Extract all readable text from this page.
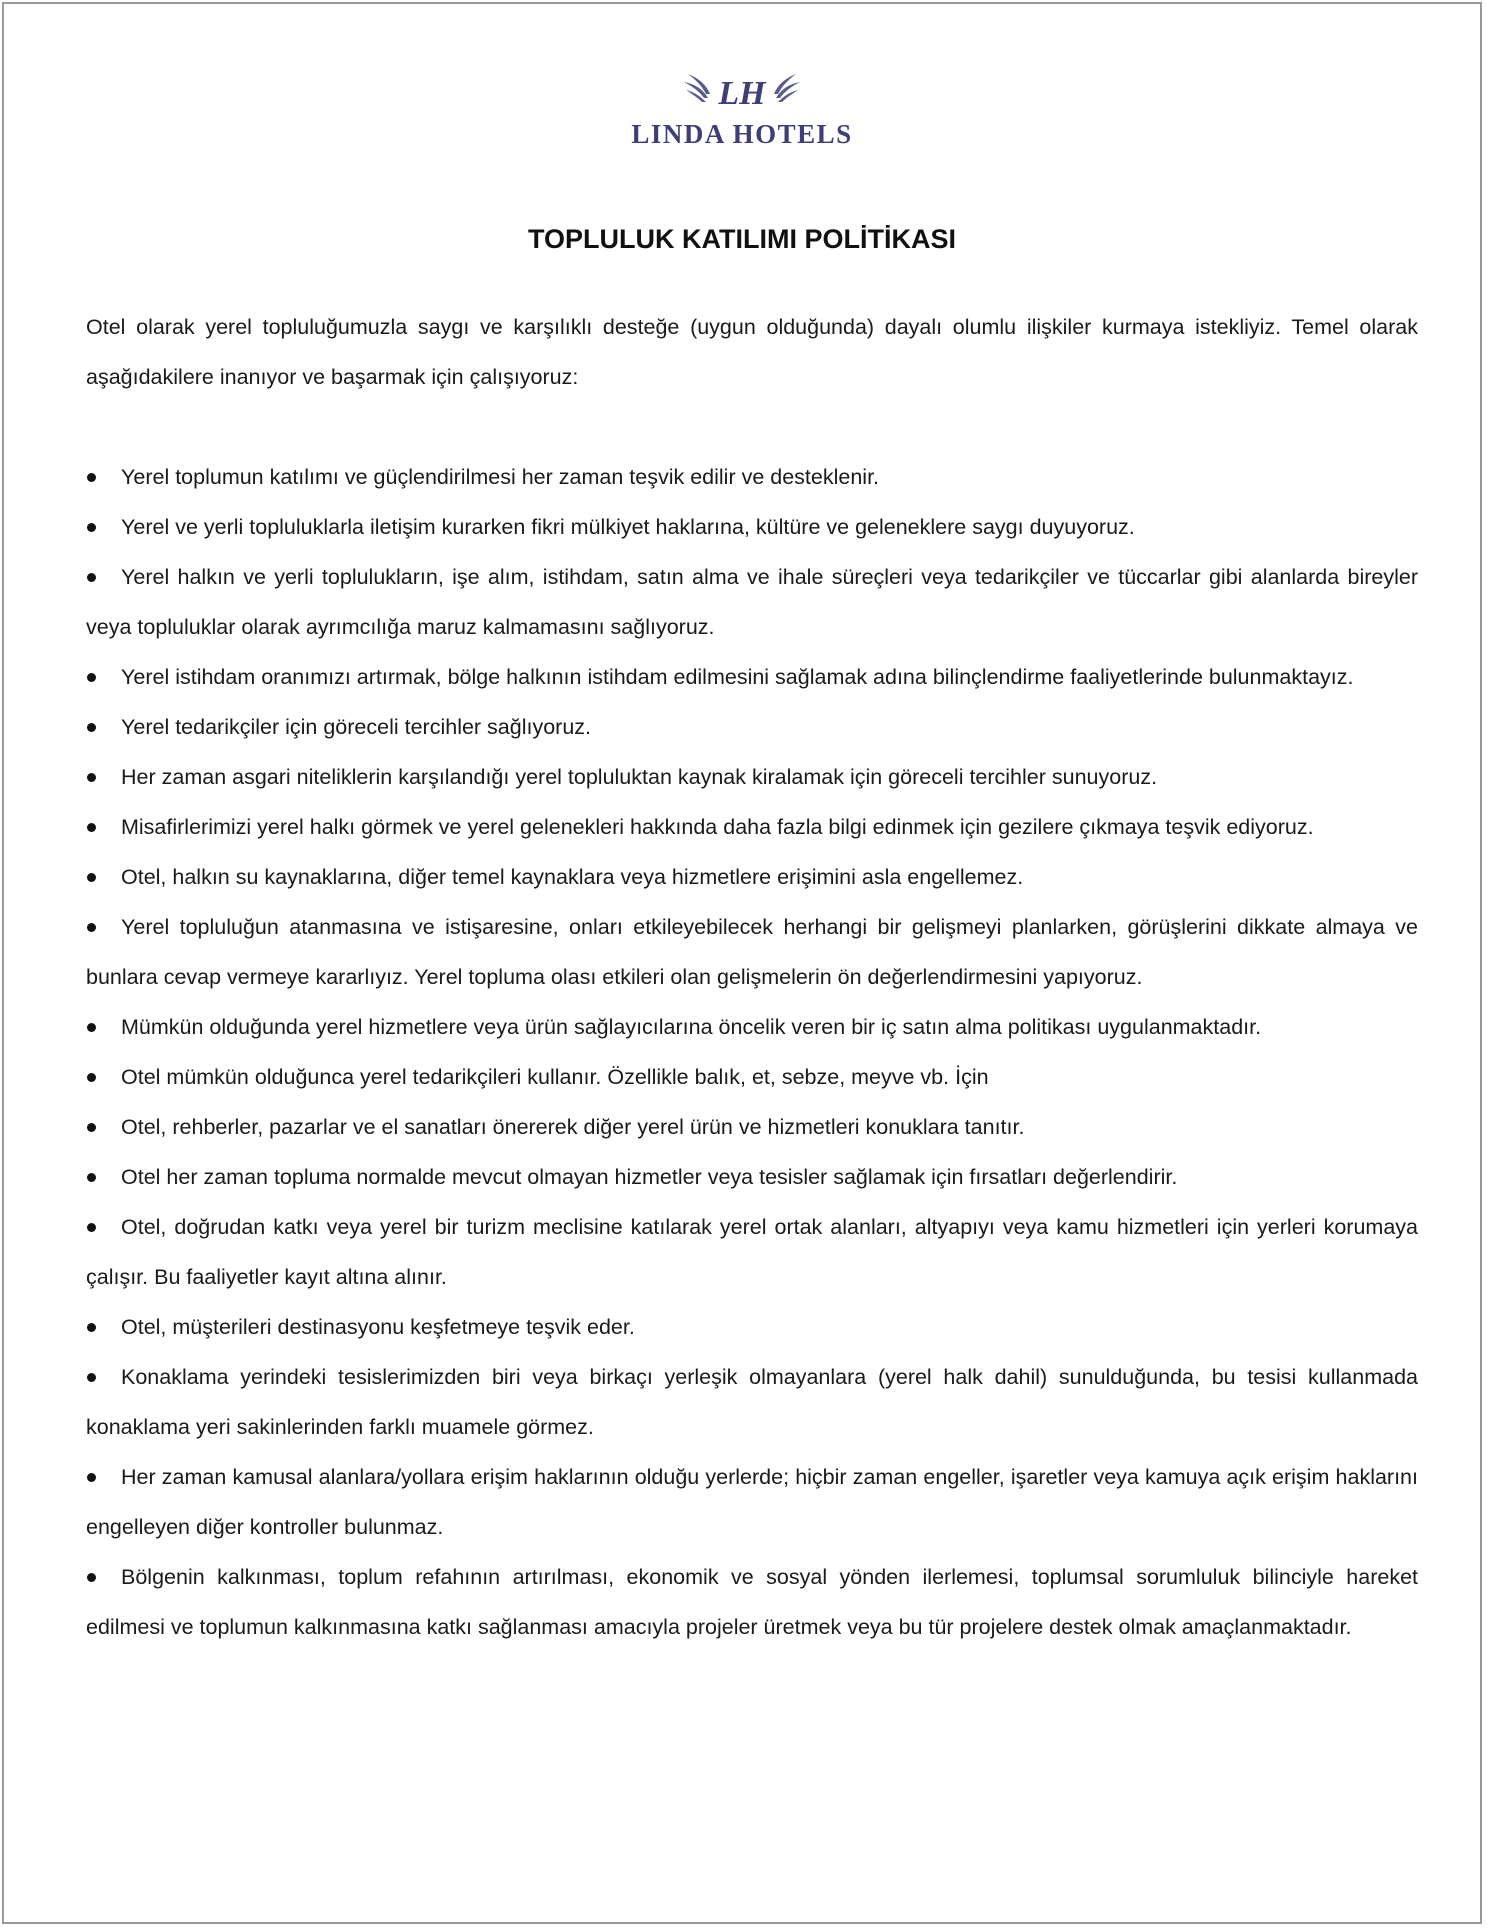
LH
LINDA HOTELS
TOPLULUK KATILIMI POLİTİKASI

Otel olarak yerel topluluğumuzla saygı ve karşılıklı desteğe (uygun olduğunda) dayalı olumlu ilişkiler kurmaya istekliyiz. Temel olarak aşağıdakilere inanıyor ve başarmak için çalışıyoruz:

Yerel toplumun katılımı ve güçlendirilmesi her zaman teşvik edilir ve desteklenir.
Yerel ve yerli topluluklarla iletişim kurarken fikri mülkiyet haklarına, kültüre ve geleneklere saygı duyuyoruz.
Yerel halkın ve yerli toplulukların, işe alım, istihdam, satın alma ve ihale süreçleri veya tedarikçiler ve tüccarlar gibi alanlarda bireyler veya topluluklar olarak ayrımcılığa maruz kalmamasını sağlıyoruz.
Yerel istihdam oranımızı artırmak, bölge halkının istihdam edilmesini sağlamak adına bilinçlendirme faaliyetlerinde bulunmaktayız.
Yerel tedarikçiler için göreceli tercihler sağlıyoruz.
Her zaman asgari niteliklerin karşılandığı yerel topluluktan kaynak kiralamak için göreceli tercihler sunuyoruz.
Misafirlerimizi yerel halkı görmek ve yerel gelenekleri hakkında daha fazla bilgi edinmek için gezilere çıkmaya teşvik ediyoruz.
Otel, halkın su kaynaklarına, diğer temel kaynaklara veya hizmetlere erişimini asla engellemez.
Yerel topluluğun atanmasına ve istişaresine, onları etkileyebilecek herhangi bir gelişmeyi planlarken, görüşlerini dikkate almaya ve bunlara cevap vermeye kararlıyız. Yerel topluma olası etkileri olan gelişmelerin ön değerlendirmesini yapıyoruz.
Mümkün olduğunda yerel hizmetlere veya ürün sağlayıcılarına öncelik veren bir iç satın alma politikası uygulanmaktadır.
Otel mümkün olduğunca yerel tedarikçileri kullanır. Özellikle balık, et, sebze, meyve vb. İçin
Otel, rehberler, pazarlar ve el sanatları önererek diğer yerel ürün ve hizmetleri konuklara tanıtır.
Otel her zaman topluma normalde mevcut olmayan hizmetler veya tesisler sağlamak için fırsatları değerlendirir.
Otel, doğrudan katkı veya yerel bir turizm meclisine katılarak yerel ortak alanları, altyapıyı veya kamu hizmetleri için yerleri korumaya çalışır. Bu faaliyetler kayıt altına alınır.
Otel, müşterileri destinasyonu keşfetmeye teşvik eder.
Konaklama yerindeki tesislerimizden biri veya birkaçı yerleşik olmayanlara (yerel halk dahil) sunulduğunda, bu tesisi kullanmada konaklama yeri sakinlerinden farklı muamele görmez.
Her zaman kamusal alanlara/yollara erişim haklarının olduğu yerlerde; hiçbir zaman engeller, işaretler veya kamuya açık erişim haklarını engelleyen diğer kontroller bulunmaz.
Bölgenin kalkınması, toplum refahının artırılması, ekonomik ve sosyal yönden ilerlemesi, toplumsal sorumluluk bilinciyle hareket edilmesi ve toplumun kalkınmasına katkı sağlanması amacıyla projeler üretmek veya bu tür projelere destek olmak amaçlanmaktadır.
